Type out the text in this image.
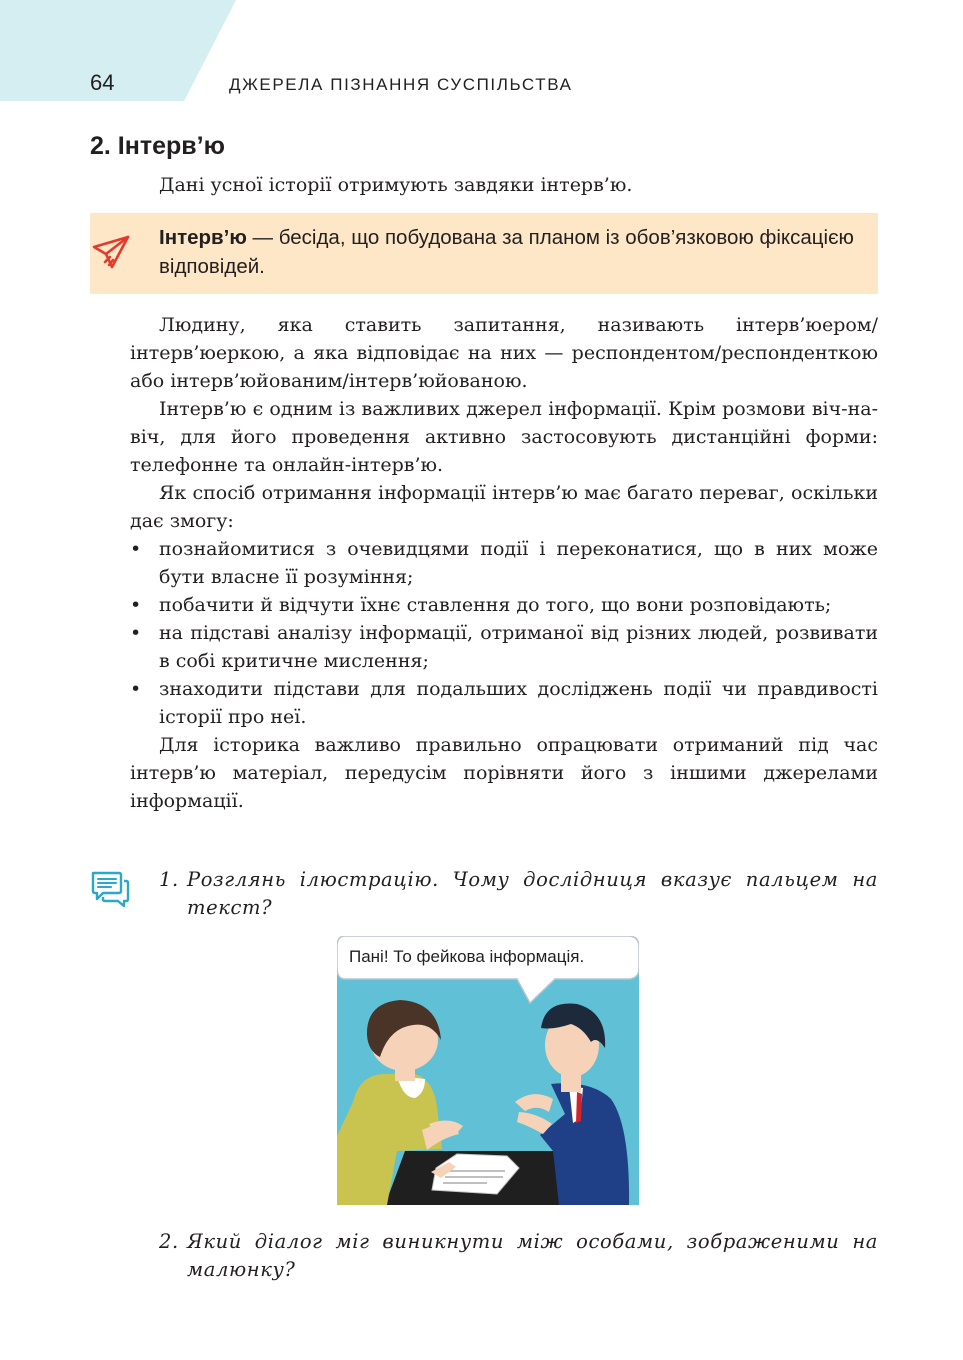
64	ДЖЕРЕЛА ПІЗНАННЯ СУСПІЛЬСТВА
2. Інтерв’ю
Дані усної історії отримують завдяки інтерв’ю.
Інтерв’ю — бесіда, що побудована за планом із обов’язковою фіксацією відповідей.

Людину, яка ставить запитання, називають інтерв’юером/інтерв’юеркою, а яка відповідає на них — респондентом/респонденткою або інтерв’юйованим/інтерв’юйованою.

Інтерв’ю є одним із важливих джерел інформації. Крім розмови віч-на-віч, для його проведення активно застосовують дистанційні форми: телефонне та онлайн-інтерв’ю.

Як спосіб отримання інформації інтерв’ю має багато переваг, оскільки дає змогу:

• познайомитися з очевидцями події і переконатися, що в них може бути власне її розуміння;
• побачити й відчути їхнє ставлення до того, що вони розповідають;
• на підставі аналізу інформації, отриманої від різних людей, розвивати в собі критичне мислення;
• знаходити підстави для подальших досліджень події чи правдивості історії про неї.

Для історика важливо правильно опрацювати отриманий під час інтерв’ю матеріал, передусім порівняти його з іншими джерелами інформації.

1. Розглянь ілюстрацію. Чому дослідниця вказує пальцем на текст?
Пані! То фейкова інформація.
2. Який діалог міг виникнути між особами, зображеними на малюнку?
